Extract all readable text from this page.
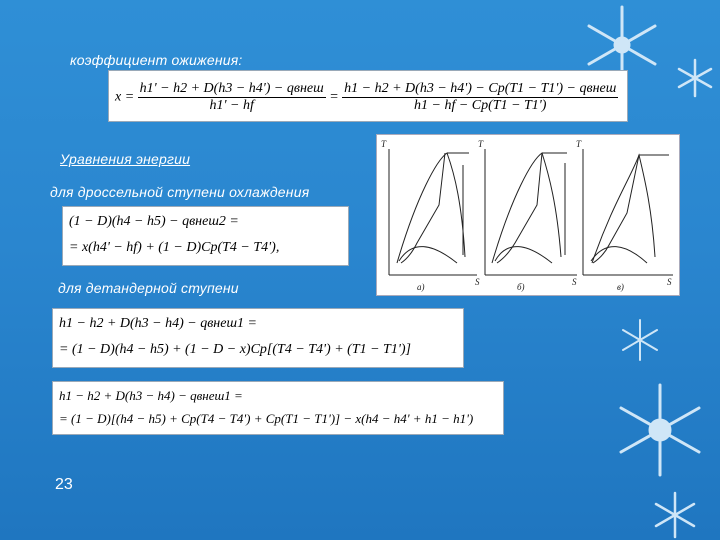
коэффициент ожижения:
$x = \frac{\text{h1' − h2 + D(h3 − h4') − qвнеш}}{h1' - hf} = \frac{\text{h1 − h2 + D(h3 − h4') − Cp(T1 − T1') − qвнеш}}{h1 - hf - Cp(T1 - T1')}$
Уравнения энергии
для дроссельной ступени охлаждения
(1 − D)(h4 − h5) − qвнеш2 =
= x(h4' − hf) + (1 − D)Cp(T4 − T4'),
для детандерной ступени
h1 − h2 + D(h3 − h4) − qвнеш1 =
= (1 − D)(h4 − h5) + (1 − D − x)Cp[(T4 − T4') + (T1 − T1')]
h1 − h2 + D(h3 − h4) − qвнеш1 =
= (1 − D)[(h4 − h5) + Cp(T4 − T4') + Cp(T1 − T1')] − x(h4 − h4' + h1 − h1')
23
T
S
а)
T
S
б)
T
S
в)
